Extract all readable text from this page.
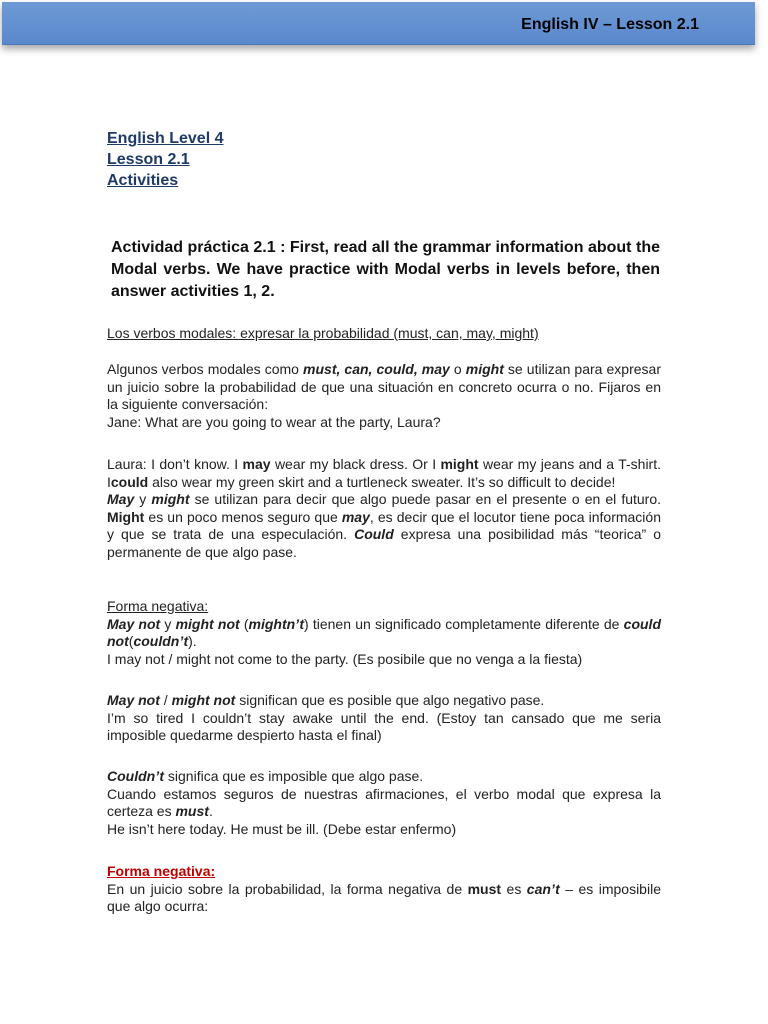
English IV – Lesson 2.1
English Level 4
Lesson 2.1
Activities
Actividad práctica 2.1 : First, read all the grammar information about the Modal verbs. We have practice with Modal verbs in levels before, then answer activities 1, 2.

Los verbos modales: expresar la probabilidad (must, can, may, might)

Algunos verbos modales como must, can, could, may o might se utilizan para expresar un juicio sobre la probabilidad de que una situación en concreto ocurra o no. Fijaros en la siguiente conversación:

Jane: What are you going to wear at the party, Laura?

Laura: I don’t know. I may wear my black dress. Or I might wear my jeans and a T-shirt. Icould also wear my green skirt and a turtleneck sweater. It’s so difficult to decide!

May y might se utilizan para decir que algo puede pasar en el presente o en el futuro. Might es un poco menos seguro que may, es decir que el locutor tiene poca información y que se trata de una especulación. Could expresa una posibilidad más “teorica” o permanente de que algo pase.

Forma negativa:

May not y might not (mightn’t) tienen un significado completamente diferente de could not(couldn’t).

I may not / might not come to the party. (Es posibile que no venga a la fiesta)

May not / might not significan que es posible que algo negativo pase.

I’m so tired I couldn’t stay awake until the end. (Estoy tan cansado que me seria imposible quedarme despierto hasta el final)

Couldn’t significa que es imposible que algo pase.

Cuando estamos seguros de nuestras afirmaciones, el verbo modal que expresa la certeza es must.

He isn’t here today. He must be ill. (Debe estar enfermo)

Forma negativa:

En un juicio sobre la probabilidad, la forma negativa de must es can’t – es imposibile que algo ocurra:
